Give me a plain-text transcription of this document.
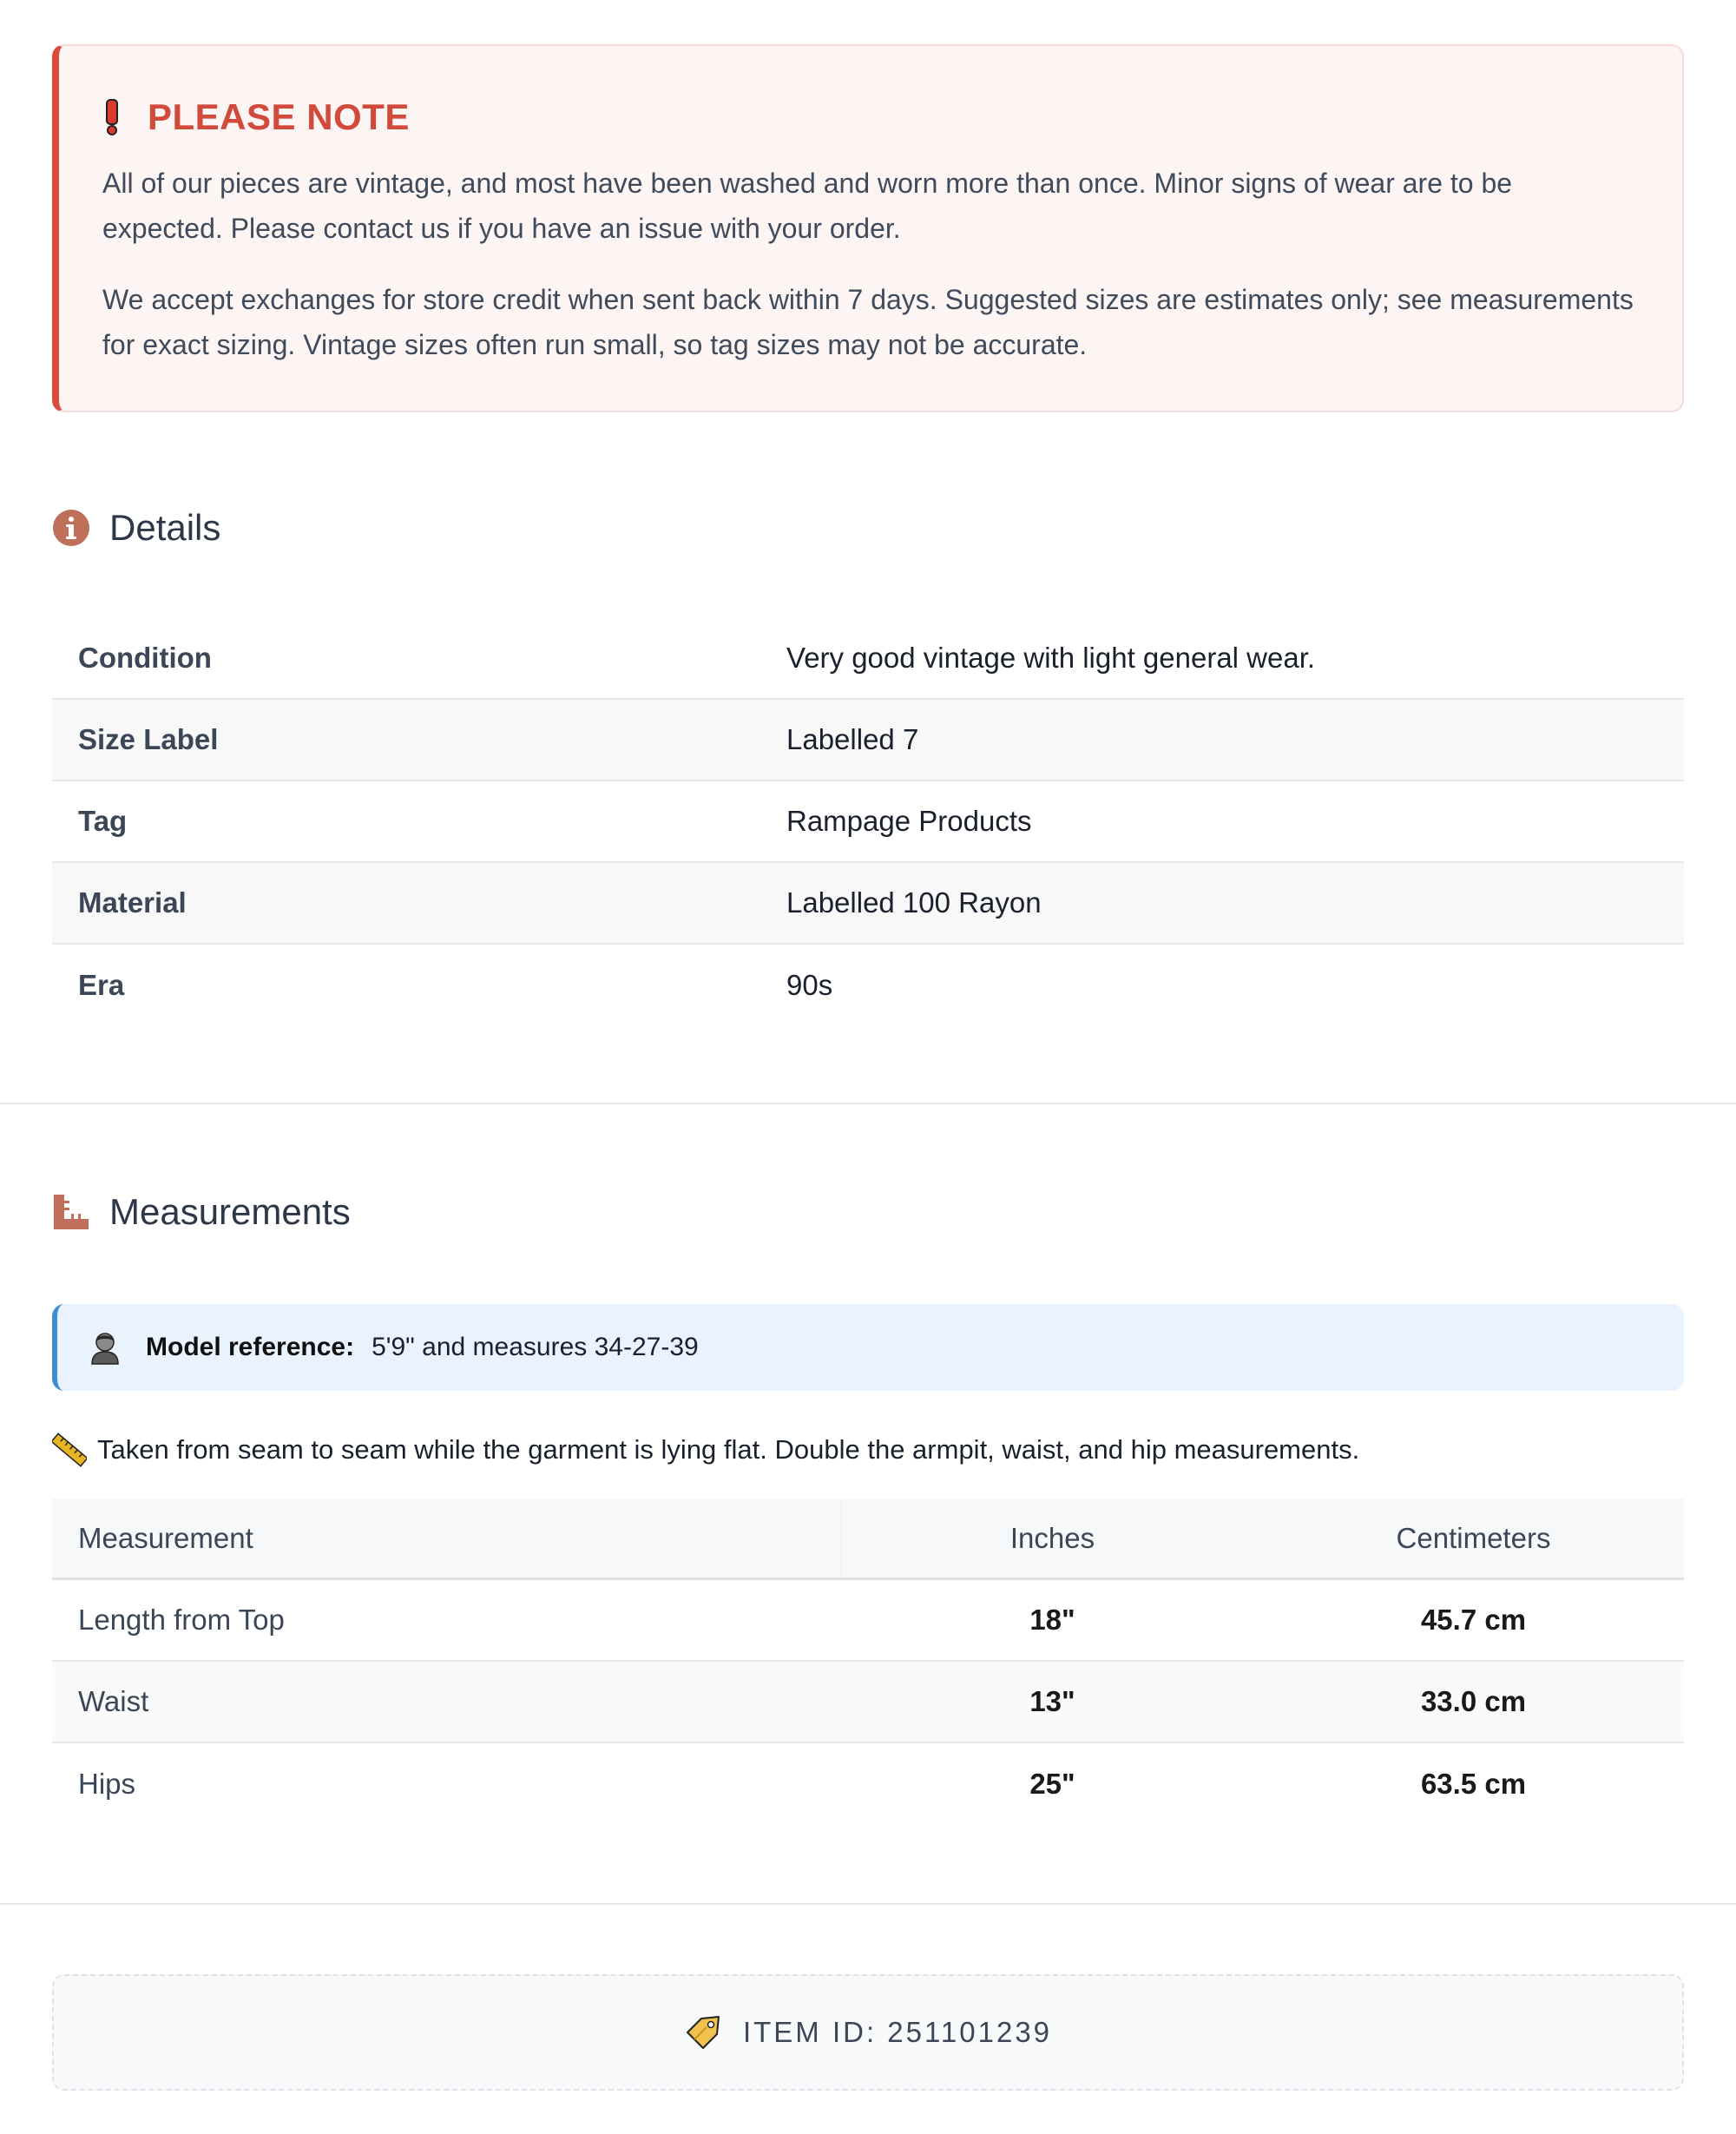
PLEASE NOTE

All of our pieces are vintage, and most have been washed and worn more than once. Minor signs of wear are to be expected. Please contact us if you have an issue with your order.

We accept exchanges for store credit when sent back within 7 days. Suggested sizes are estimates only; see measurements for exact sizing. Vintage sizes often run small, so tag sizes may not be accurate.

Details
Condition	Very good vintage with light general wear.
Size Label	Labelled 7
Tag	Rampage Products
Material	Labelled 100 Rayon
Era	90s
Measurements
Model reference: 5'9" and measures 34-27-39
Taken from seam to seam while the garment is lying flat. Double the armpit, waist, and hip measurements.
Measurement	Inches	Centimeters
Length from Top	18"	45.7 cm
Waist	13"	33.0 cm
Hips	25"	63.5 cm
ITEM ID: 251101239
